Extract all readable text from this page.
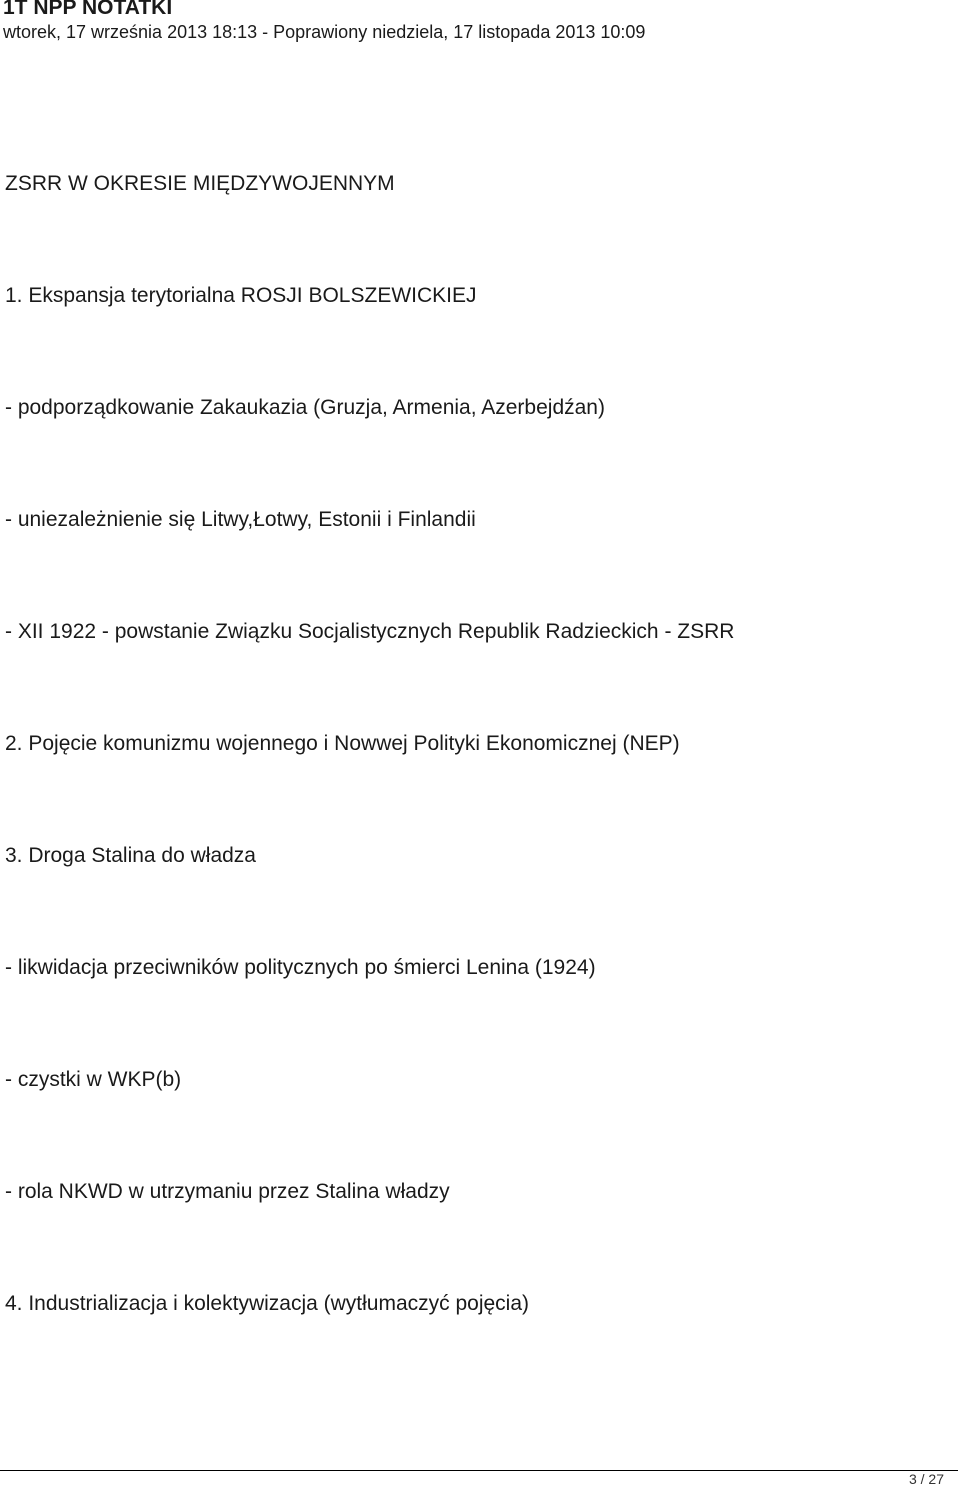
1T NPP NOTATKI
wtorek, 17 września 2013 18:13 - Poprawiony niedziela, 17 listopada 2013 10:09
ZSRR W OKRESIE MIĘDZYWOJENNYM
1. Ekspansja terytorialna ROSJI BOLSZEWICKIEJ
- podporządkowanie Zakaukazia (Gruzja, Armenia, Azerbejdźan)
- uniezależnienie się Litwy,Łotwy, Estonii i Finlandii
- XII 1922 - powstanie Związku Socjalistycznych Republik Radzieckich - ZSRR
2. Pojęcie komunizmu wojennego i Nowwej Polityki Ekonomicznej (NEP)
3. Droga Stalina do władza
- likwidacja przeciwników politycznych po śmierci Lenina (1924)
- czystki w WKP(b)
- rola NKWD w utrzymaniu przez Stalina władzy
4. Industrializacja i kolektywizacja (wytłumaczyć pojęcia)
3 / 27
